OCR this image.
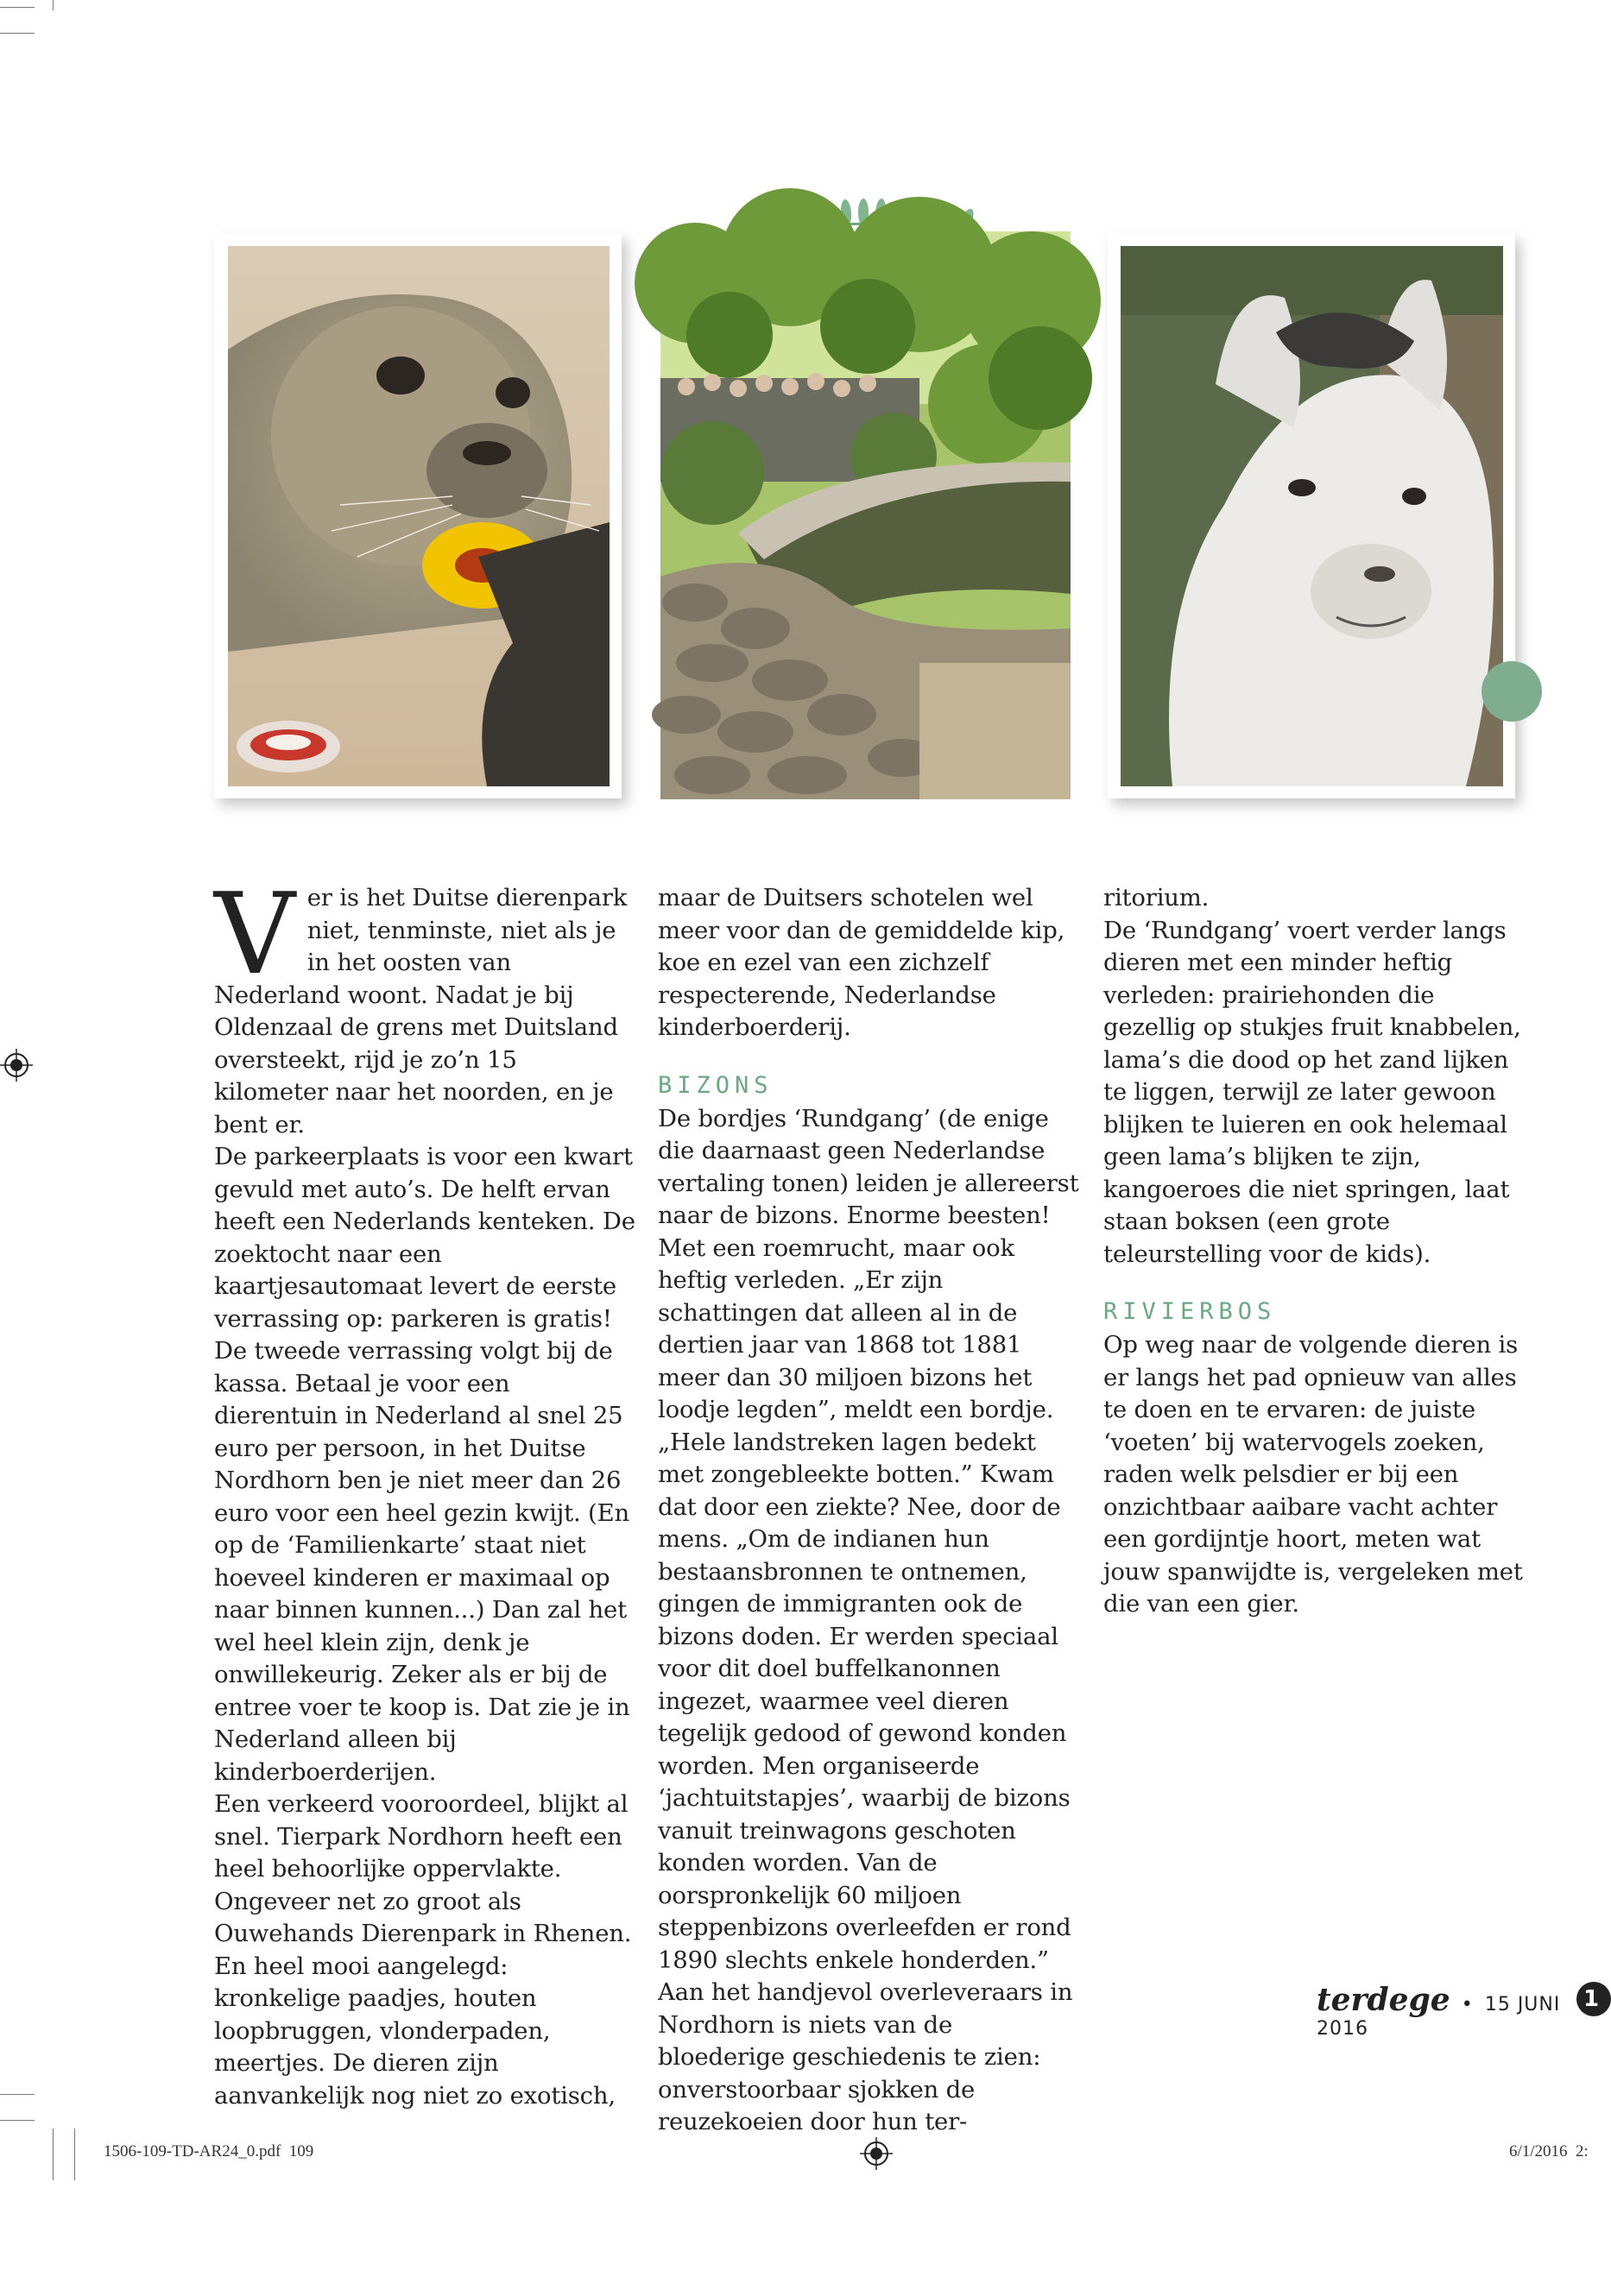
Ver is het Duitse dierenpark niet, tenminste, niet als je in het oosten van Nederland woont. Nadat je bij Oldenzaal de grens met Duitsland oversteekt, rijd je zo’n 15 kilometer naar het noorden, en je bent er.

De parkeerplaats is voor een kwart gevuld met auto’s. De helft ervan heeft een Nederlands kenteken. De zoektocht naar een kaartjesautomaat levert de eerste verrassing op: parkeren is gratis!

De tweede verrassing volgt bij de kassa. Betaal je voor een dierentuin in Nederland al snel 25 euro per persoon, in het Duitse Nordhorn ben je niet meer dan 26 euro voor een heel gezin kwijt. (En op de ‘Familienkarte’ staat niet hoeveel kinderen er maximaal op naar binnen kunnen...) Dan zal het wel heel klein zijn, denk je onwillekeurig. Zeker als er bij de entree voer te koop is. Dat zie je in Nederland alleen bij kinderboerderijen.

Een verkeerd vooroordeel, blijkt al snel. Tierpark Nordhorn heeft een heel behoorlijke oppervlakte. Ongeveer net zo groot als Ouwehands Dierenpark in Rhenen. En heel mooi aangelegd: kronkelige paadjes, houten loopbruggen, vlonderpaden, meertjes. De dieren zijn aanvankelijk nog niet zo exotisch,

maar de Duitsers schotelen wel meer voor dan de gemiddelde kip, koe en ezel van een zichzelf respecterende, Nederlandse kinderboerderij.

BIZONS

De bordjes ‘Rundgang’ (de enige die daarnaast geen Nederlandse vertaling tonen) leiden je allereerst naar de bizons. Enorme beesten! Met een roemrucht, maar ook heftig verleden. „Er zijn schattingen dat alleen al in de dertien jaar van 1868 tot 1881 meer dan 30 miljoen bizons het loodje legden”, meldt een bordje. „Hele landstreken lagen bedekt met zongebleekte botten.” Kwam dat door een ziekte? Nee, door de mens. „Om de indianen hun bestaansbronnen te ontnemen, gingen de immigranten ook de bizons doden. Er werden speciaal voor dit doel buffelkanonnen ingezet, waarmee veel dieren tegelijk gedood of gewond konden worden. Men organiseerde ‘jachtuitstapjes’, waarbij de bizons vanuit treinwagons geschoten konden worden. Van de oorspronkelijk 60 miljoen steppenbizons overleefden er rond 1890 slechts enkele honderden.” Aan het handjevol overleveraars in Nordhorn is niets van de bloederige geschiedenis te zien: onverstoorbaar sjokken de reuzekoeien door hun ter-

ritorium.

De ‘Rundgang’ voert verder langs dieren met een minder heftig verleden: prairiehonden die gezellig op stukjes fruit knabbelen, lama’s die dood op het zand lijken te liggen, terwijl ze later gewoon blijken te luieren en ook helemaal geen lama’s blijken te zijn, kangoeroes die niet springen, laat staan boksen (een grote teleurstelling voor de kids).

RIVIERBOS

Op weg naar de volgende dieren is er langs het pad opnieuw van alles te doen en te ervaren: de juiste ‘voeten’ bij watervogels zoeken, raden welk pelsdier er bij een onzichtbaar aaibare vacht achter een gordijntje hoort, meten wat jouw spanwijdte is, vergeleken met die van een gier.

terdege • 15 JUNI 2016
1
1506-109-TD-AR24_0.pdf  109	6/1/2016  2:
